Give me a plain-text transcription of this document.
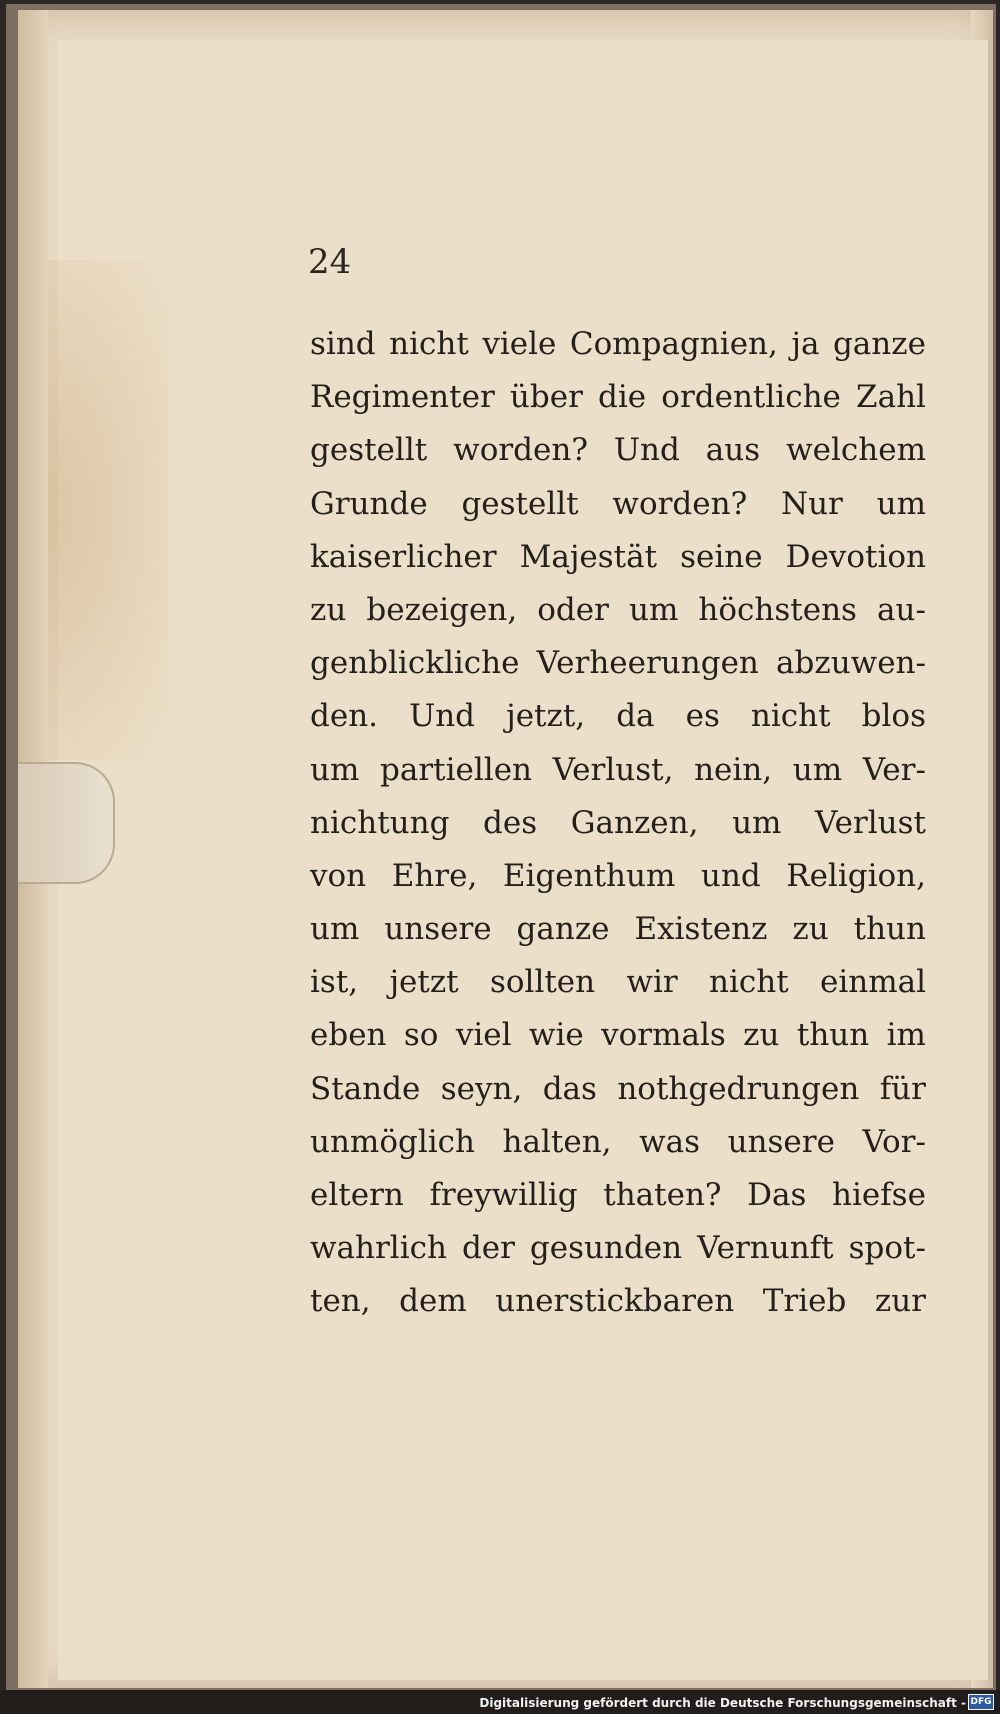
24
sind nicht viele Compagnien, ja ganze
Regimenter über die ordentliche Zahl
gestellt worden? Und aus welchem
Grunde gestellt worden? Nur um
kaiserlicher Majestät seine Devotion
zu bezeigen, oder um höchstens au-
genblickliche Verheerungen abzuwen-
den. Und jetzt, da es nicht blos
um partiellen Verlust, nein, um Ver-
nichtung des Ganzen, um Verlust
von Ehre, Eigenthum und Religion,
um unsere ganze Existenz zu thun
ist, jetzt sollten wir nicht einmal
eben so viel wie vormals zu thun im
Stande seyn, das nothgedrungen für
unmöglich halten, was unsere Vor-
eltern freywillig thaten? Das hiefse
wahrlich der gesunden Vernunft spot-
ten, dem unerstickbaren Trieb zur
Digitalisierung gefördert durch die Deutsche Forschungsgemeinschaft - DFG
